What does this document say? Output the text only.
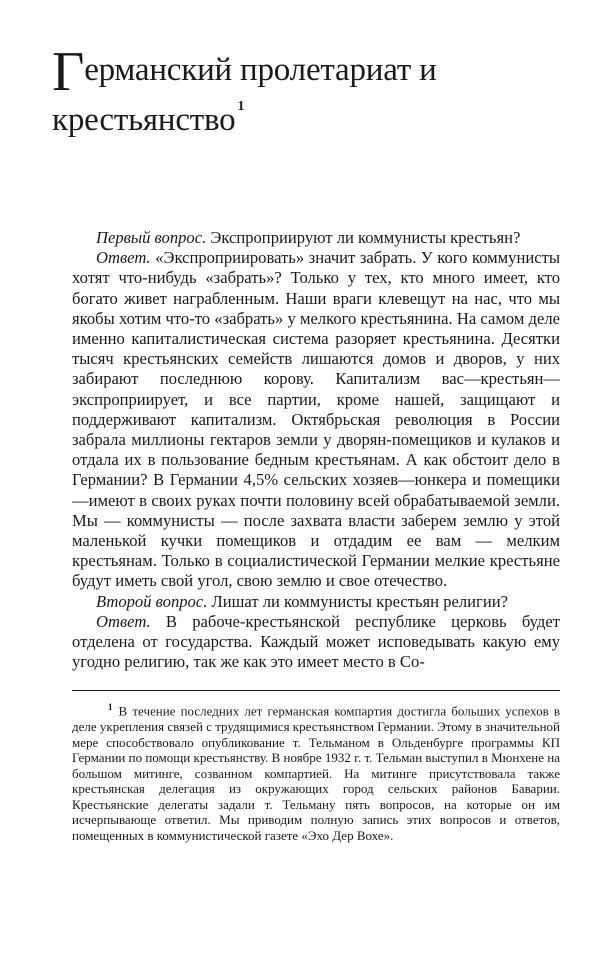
Германский пролетариат и крестьянство $^1$

Первый вопрос. Экспроприируют ли коммунисты крестьян?

Ответ. «Экспроприировать» значит забрать. У кого коммунисты хотят что-нибудь «забрать»? Только у тех, кто много имеет, кто богато живет награбленным. Наши враги клевещут на нас, что мы якобы хотим что-то «забрать» у мелкого крестьянина. На самом деле именно капиталистическая система разоряет крестьянина. Десятки тысяч крестьянских семейств лишаются домов и дворов, у них забирают последнюю корову. Капитализм вас—крестьян— экспроприирует, и все партии, кроме нашей, защищают и поддерживают капитализм. Октябрьская революция в России забрала миллионы гектаров земли у дворян-помещиков и кулаков и отдала их в пользование бедным крестьянам. А как обстоит дело в Германии? В Германии 4,5% сельских хозяев—юнкера и помещики—имеют в своих руках почти половину всей обрабатываемой земли. Мы — коммунисты — после захвата власти заберем землю у этой маленькой кучки помещиков и отдадим ее вам — мелким крестьянам. Только в социалистической Германии мелкие крестьяне будут иметь свой угол, свою землю и свое отечество.

Второй вопрос. Лишат ли коммунисты крестьян религии?

Ответ. В рабоче-крестьянской республике церковь будет отделена от государства. Каждый может исповедывать какую ему угодно религию, так же как это имеет место в Со-

$^1$ В течение последних лет германская компартия достигла больших успехов в деле укрепления связей с трудящимися крестьянством Германии. Этому в значительной мере способствовало опубликование т. Тельманом в Ольденбурге программы КП Германии по помощи крестьянству. В ноябре 1932 г. т. Тельман выступил в Мюнхене на большом митинге, созванном компартией. На митинге присутствовала также крестьянская делегация из окружающих город сельских районов Баварии. Крестьянские делегаты задали т. Тельману пять вопросов, на которые он им исчерпывающе ответил. Мы приводим полную запись этих вопросов и ответов, помещенных в коммунистической газете «Эхо Дер Вохе».
